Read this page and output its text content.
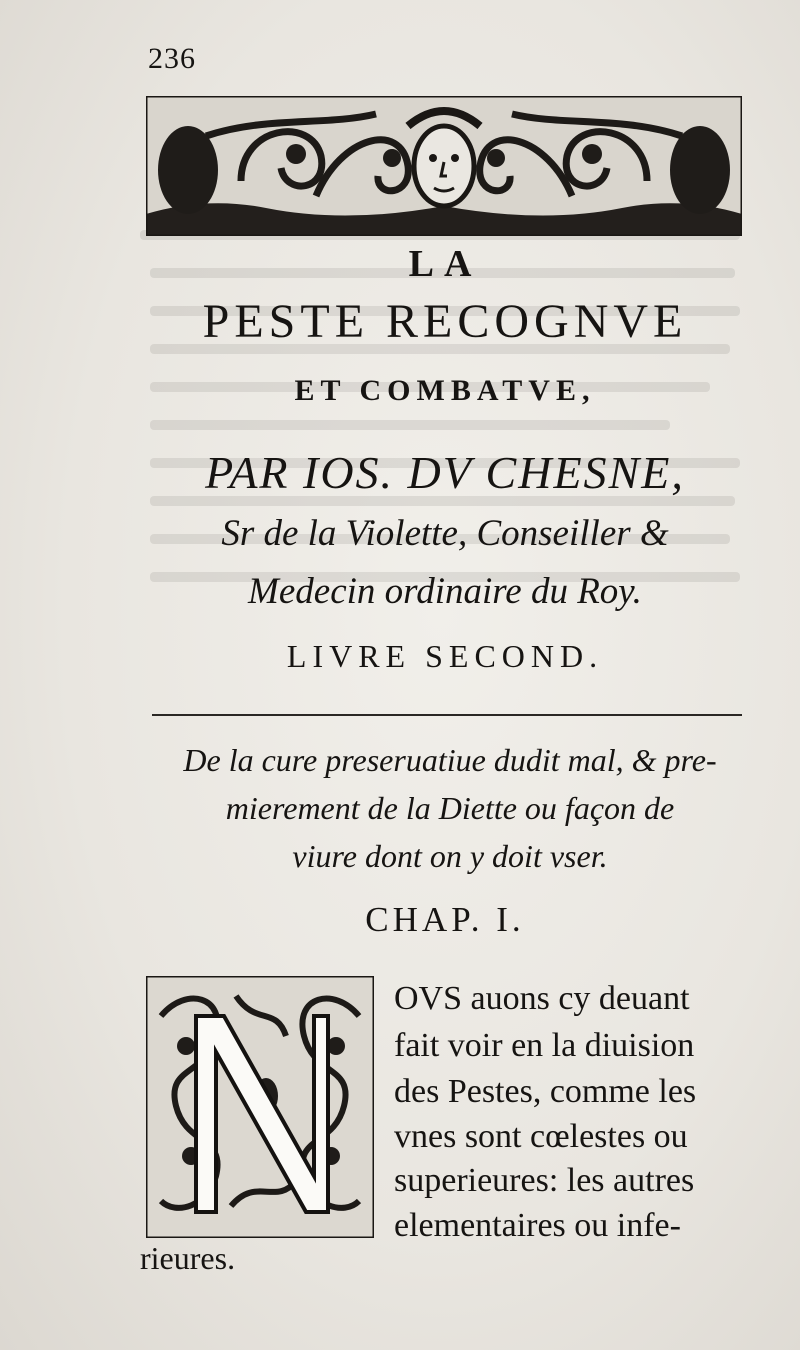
236
LA
PESTE RECOGNVE
ET COMBATVE,
PAR IOS. DV CHESNE,
Sr de la Violette, Conseiller &
Medecin ordinaire du Roy.
LIVRE SECOND.
De la cure preseruatiue dudit mal, & pre-
mierement de la Diette ou façon de
viure dont on y doit vser.
CHAP. I.
OVS auons cy deuant
fait voir en la diuision
des Pestes, comme les
vnes sont cœlestes ou
superieures: les autres
elementaires ou infe-
rieures.
